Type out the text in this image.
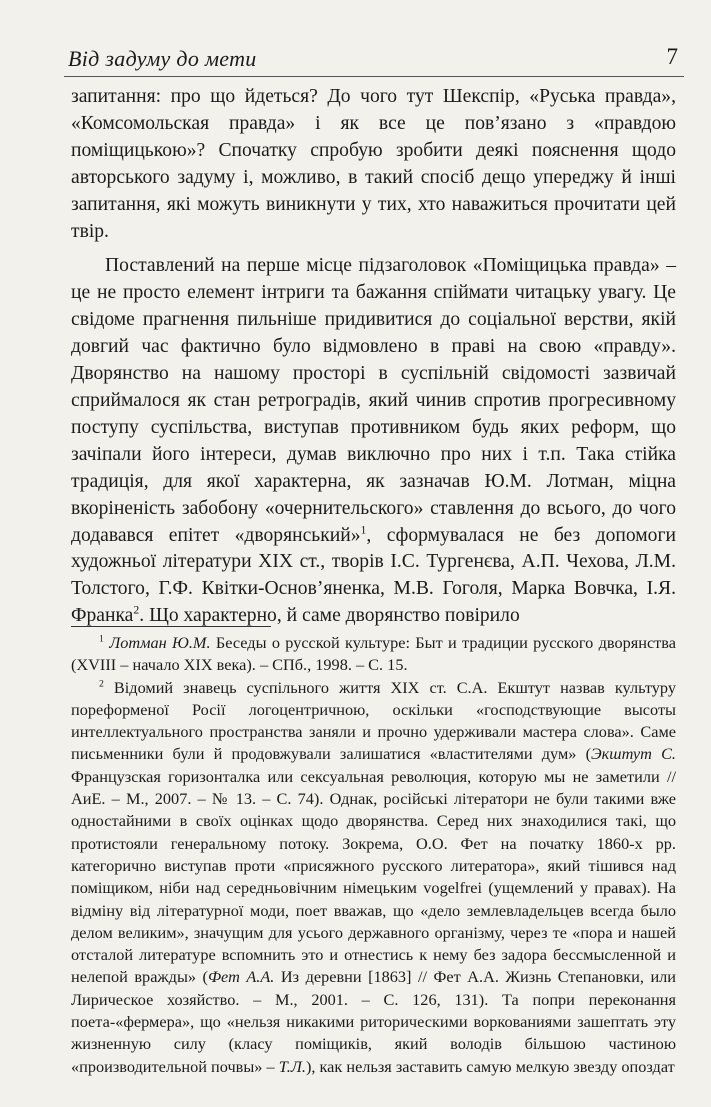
Від задуму до мети	7

запитання: про що йдеться? До чого тут Шекспір, «Руська правда», «Комсомольская правда» і як все це пов’язано з «правдою поміщицькою»? Спочатку спробую зробити деякі пояснення щодо авторського задуму і, можливо, в такий спосіб дещо упереджу й інші запитання, які можуть виникнути у тих, хто наважиться прочитати цей твір.

Поставлений на перше місце підзаголовок «Поміщицька правда» – це не просто елемент інтриги та бажання спіймати читацьку увагу. Це свідоме прагнення пильніше придивитися до соціальної верстви, якій довгий час фактично було відмовлено в праві на свою «правду». Дворянство на нашому просторі в суспільній свідомості зазвичай сприймалося як стан ретроградів, який чинив спротив прогресивному поступу суспільства, виступав противником будь яких реформ, що зачіпали його інтереси, думав виключно про них і т.п. Така стійка традиція, для якої характерна, як зазначав Ю.М. Лотман, міцна вкоріненість забобону «очернительского» ставлення до всього, до чого додавався епітет «дворянський»$^1$, сформувалася не без допомоги художньої літератури XIX ст., творів І.С. Тургенєва, А.П. Чехова, Л.М. Толстого, Г.Ф. Квітки-Основ’яненка, М.В. Гоголя, Марка Вовчка, І.Я. Франка$^2$. Що характерно, й саме дворянство повірило

$^1$ Лотман Ю.М. Беседы о русской культуре: Быт и традиции русского дворянства (XVIII – начало XIX века). – СПб., 1998. – С. 15.

$^2$ Відомий знавець суспільного життя XIX ст. С.А. Екштут назвав культуру пореформеної Росії логоцентричною, оскільки «господствующие высоты интеллектуального пространства заняли и прочно удерживали мастера слова». Саме письменники були й продовжували залишатися «властителями дум» (Экштут С. Французская горизонталка или сексуальная революция, которую мы не заметили // АиЕ. – М., 2007. – № 13. – С. 74). Однак, російські літератори не були такими вже одностайними в своїх оцінках щодо дворянства. Серед них знаходилися такі, що протистояли генеральному потоку. Зокрема, О.О. Фет на початку 1860-х рр. категорично виступав проти «присяжного русского литератора», який тішився над поміщиком, ніби над середньовічним німецьким vogelfrei (ущемлений у правах). На відміну від літературної моди, поет вважав, що «дело землевладельцев всегда было делом великим», значущим для усього державного організму, через те «пора и нашей отсталой литературе вспомнить это и отнестись к нему без задора бессмысленной и нелепой вражды» (Фет А.А. Из деревни [1863] // Фет А.А. Жизнь Степановки, или Лирическое хозяйство. – М., 2001. – С. 126, 131). Та попри переконання поета-«фермера», що «нельзя никакими риторическими воркованиями зашептать эту жизненную силу (класу поміщиків, який володів більшою частиною «производительной почвы» – Т.Л.), как нельзя заставить самую мелкую звезду опоздат
